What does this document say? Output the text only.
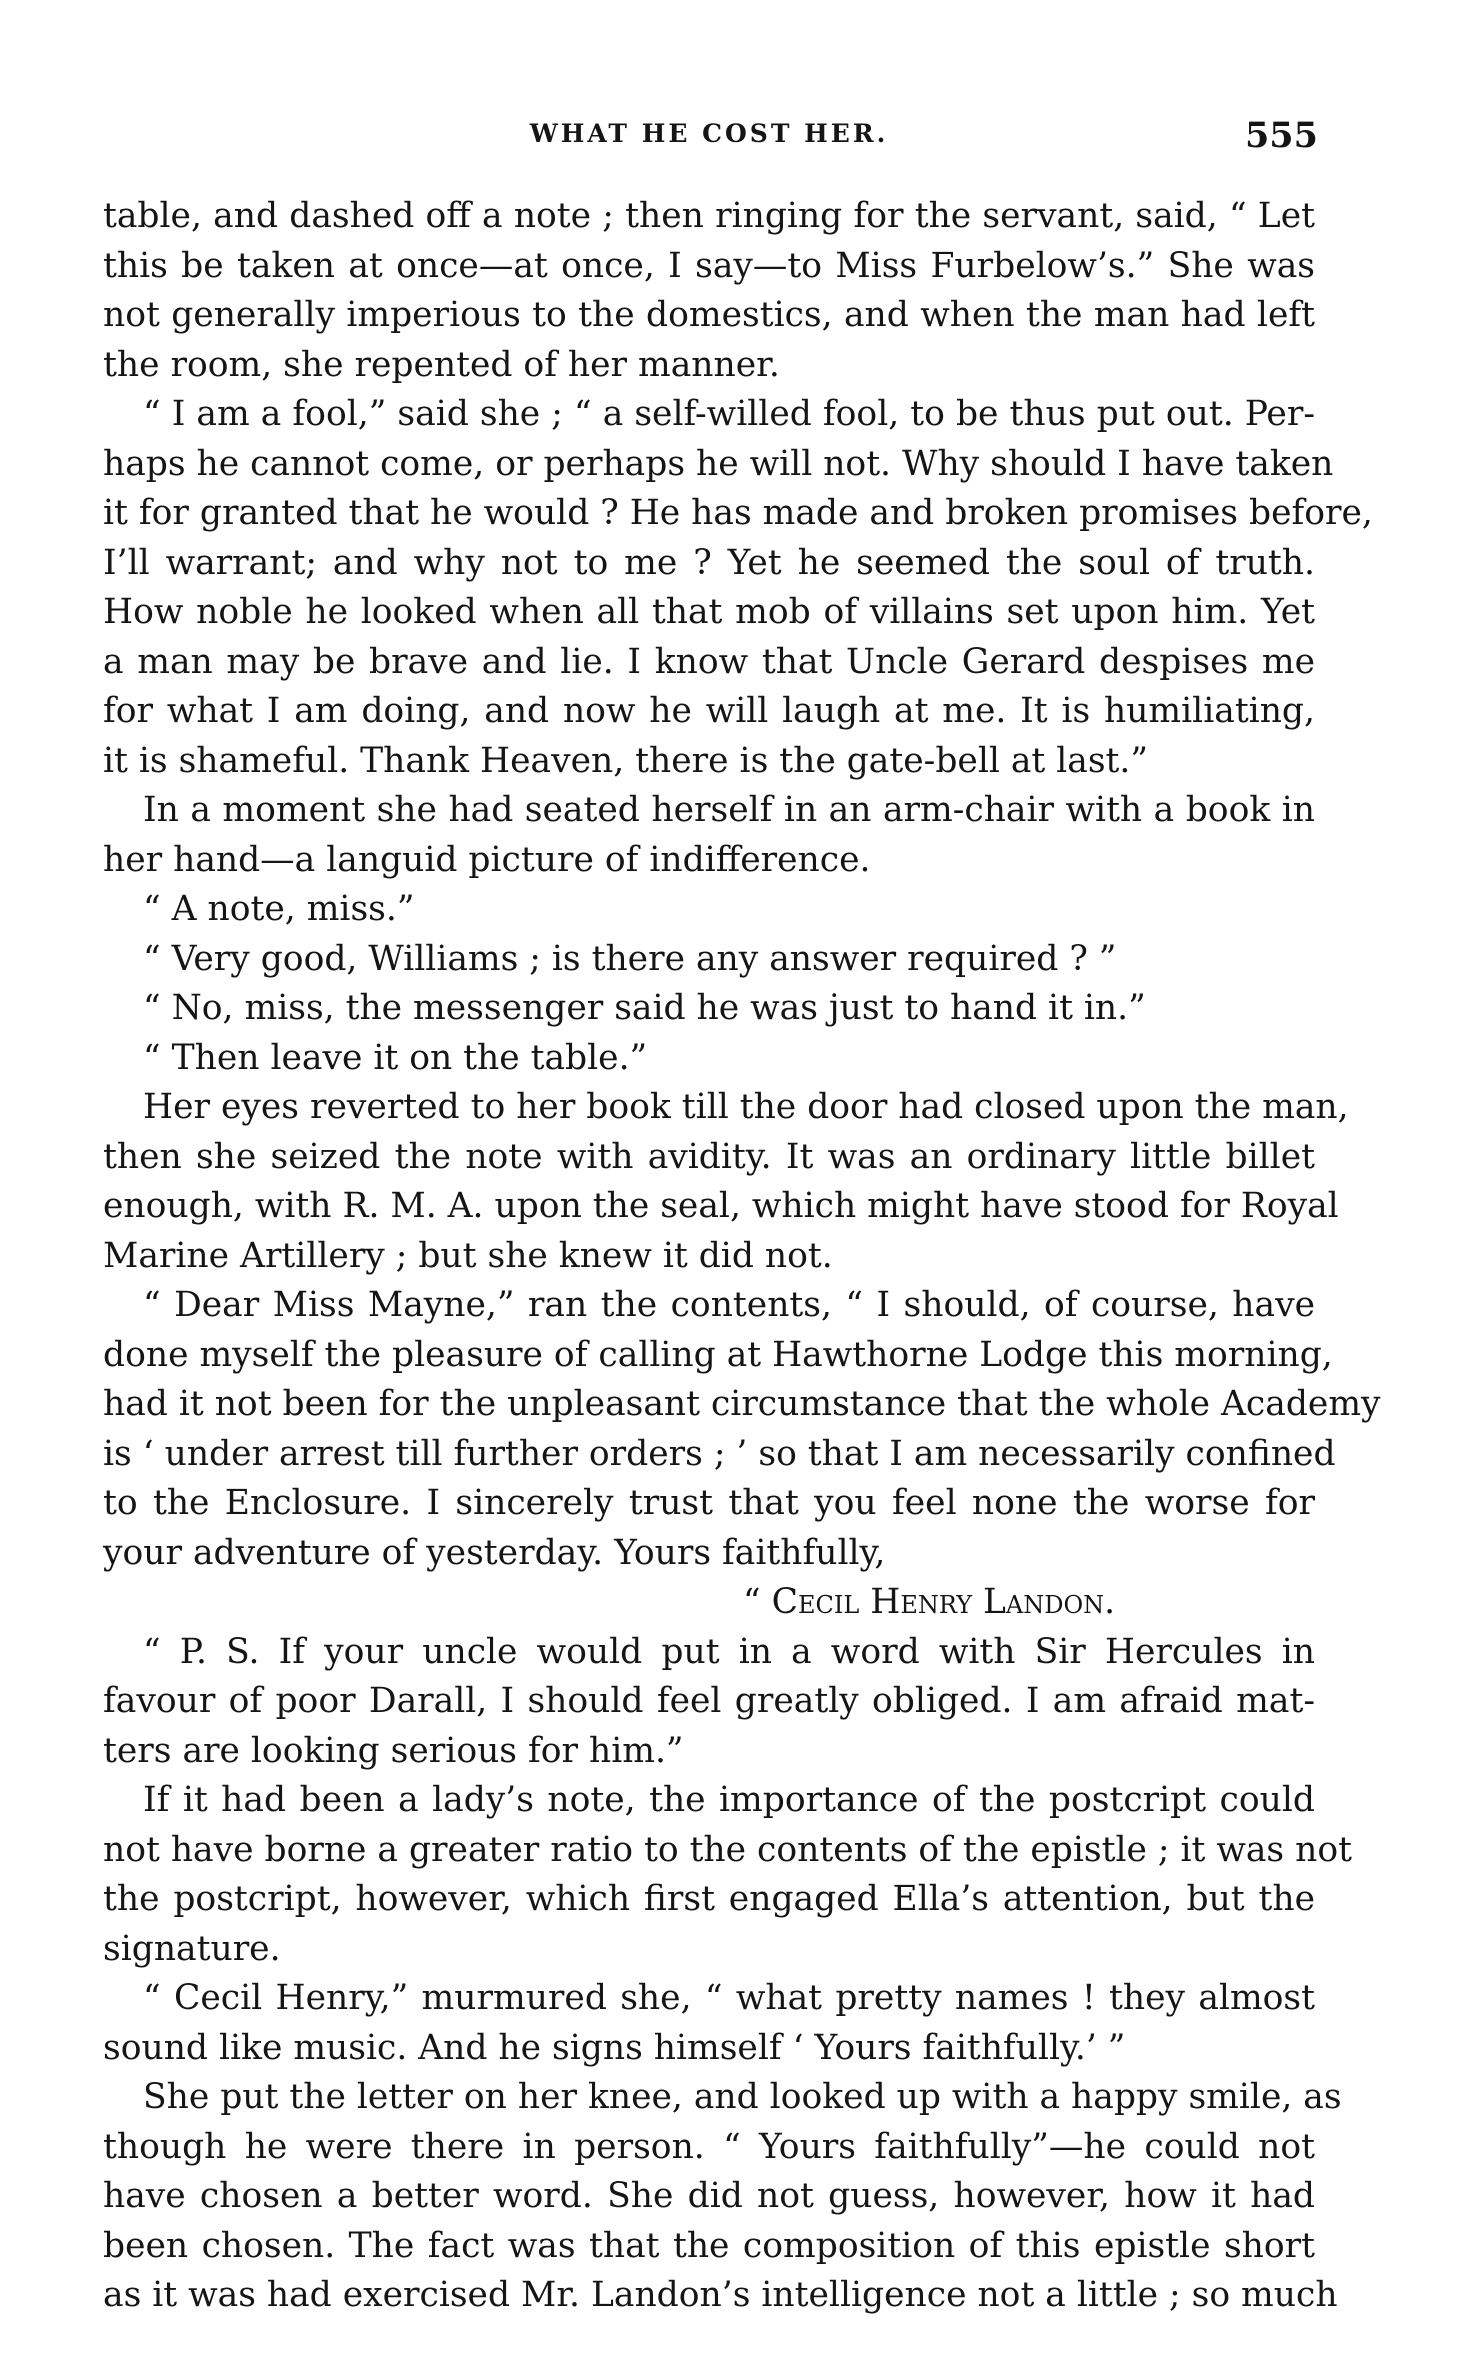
WHAT HE COST HER.	555
table, and dashed off a note ; then ringing for the servant, said, “ Let
this be taken at once—at once, I say—to Miss Furbelow’s.” She was
not generally imperious to the domestics, and when the man had left
the room, she repented of her manner.
“ I am a fool,” said she ; “ a self-willed fool, to be thus put out. Per-
haps he cannot come, or perhaps he will not. Why should I have taken
it for granted that he would ? He has made and broken promises before,
I’ll warrant; and why not to me ? Yet he seemed the soul of truth.
How noble he looked when all that mob of villains set upon him. Yet
a man may be brave and lie. I know that Uncle Gerard despises me
for what I am doing, and now he will laugh at me. It is humiliating,
it is shameful. Thank Heaven, there is the gate-bell at last.”
In a moment she had seated herself in an arm-chair with a book in
her hand—a languid picture of indifference.
“ A note, miss.”
“ Very good, Williams ; is there any answer required ? ”
“ No, miss, the messenger said he was just to hand it in.”
“ Then leave it on the table.”
Her eyes reverted to her book till the door had closed upon the man,
then she seized the note with avidity. It was an ordinary little billet
enough, with R. M. A. upon the seal, which might have stood for Royal
Marine Artillery ; but she knew it did not.
“ Dear Miss Mayne,” ran the contents, “ I should, of course, have
done myself the pleasure of calling at Hawthorne Lodge this morning,
had it not been for the unpleasant circumstance that the whole Academy
is ‘ under arrest till further orders ; ’ so that I am necessarily confined
to the Enclosure. I sincerely trust that you feel none the worse for
your adventure of yesterday. Yours faithfully,
“ Cecil Henry Landon.
“ P. S. If your uncle would put in a word with Sir Hercules in
favour of poor Darall, I should feel greatly obliged. I am afraid mat-
ters are looking serious for him.”
If it had been a lady’s note, the importance of the postcript could
not have borne a greater ratio to the contents of the epistle ; it was not
the postcript, however, which first engaged Ella’s attention, but the
signature.
“ Cecil Henry,” murmured she, “ what pretty names ! they almost
sound like music. And he signs himself ‘ Yours faithfully.’ ”
She put the letter on her knee, and looked up with a happy smile, as
though he were there in person. “ Yours faithfully”—he could not
have chosen a better word. She did not guess, however, how it had
been chosen. The fact was that the composition of this epistle short
as it was had exercised Mr. Landon’s intelligence not a little ; so much
